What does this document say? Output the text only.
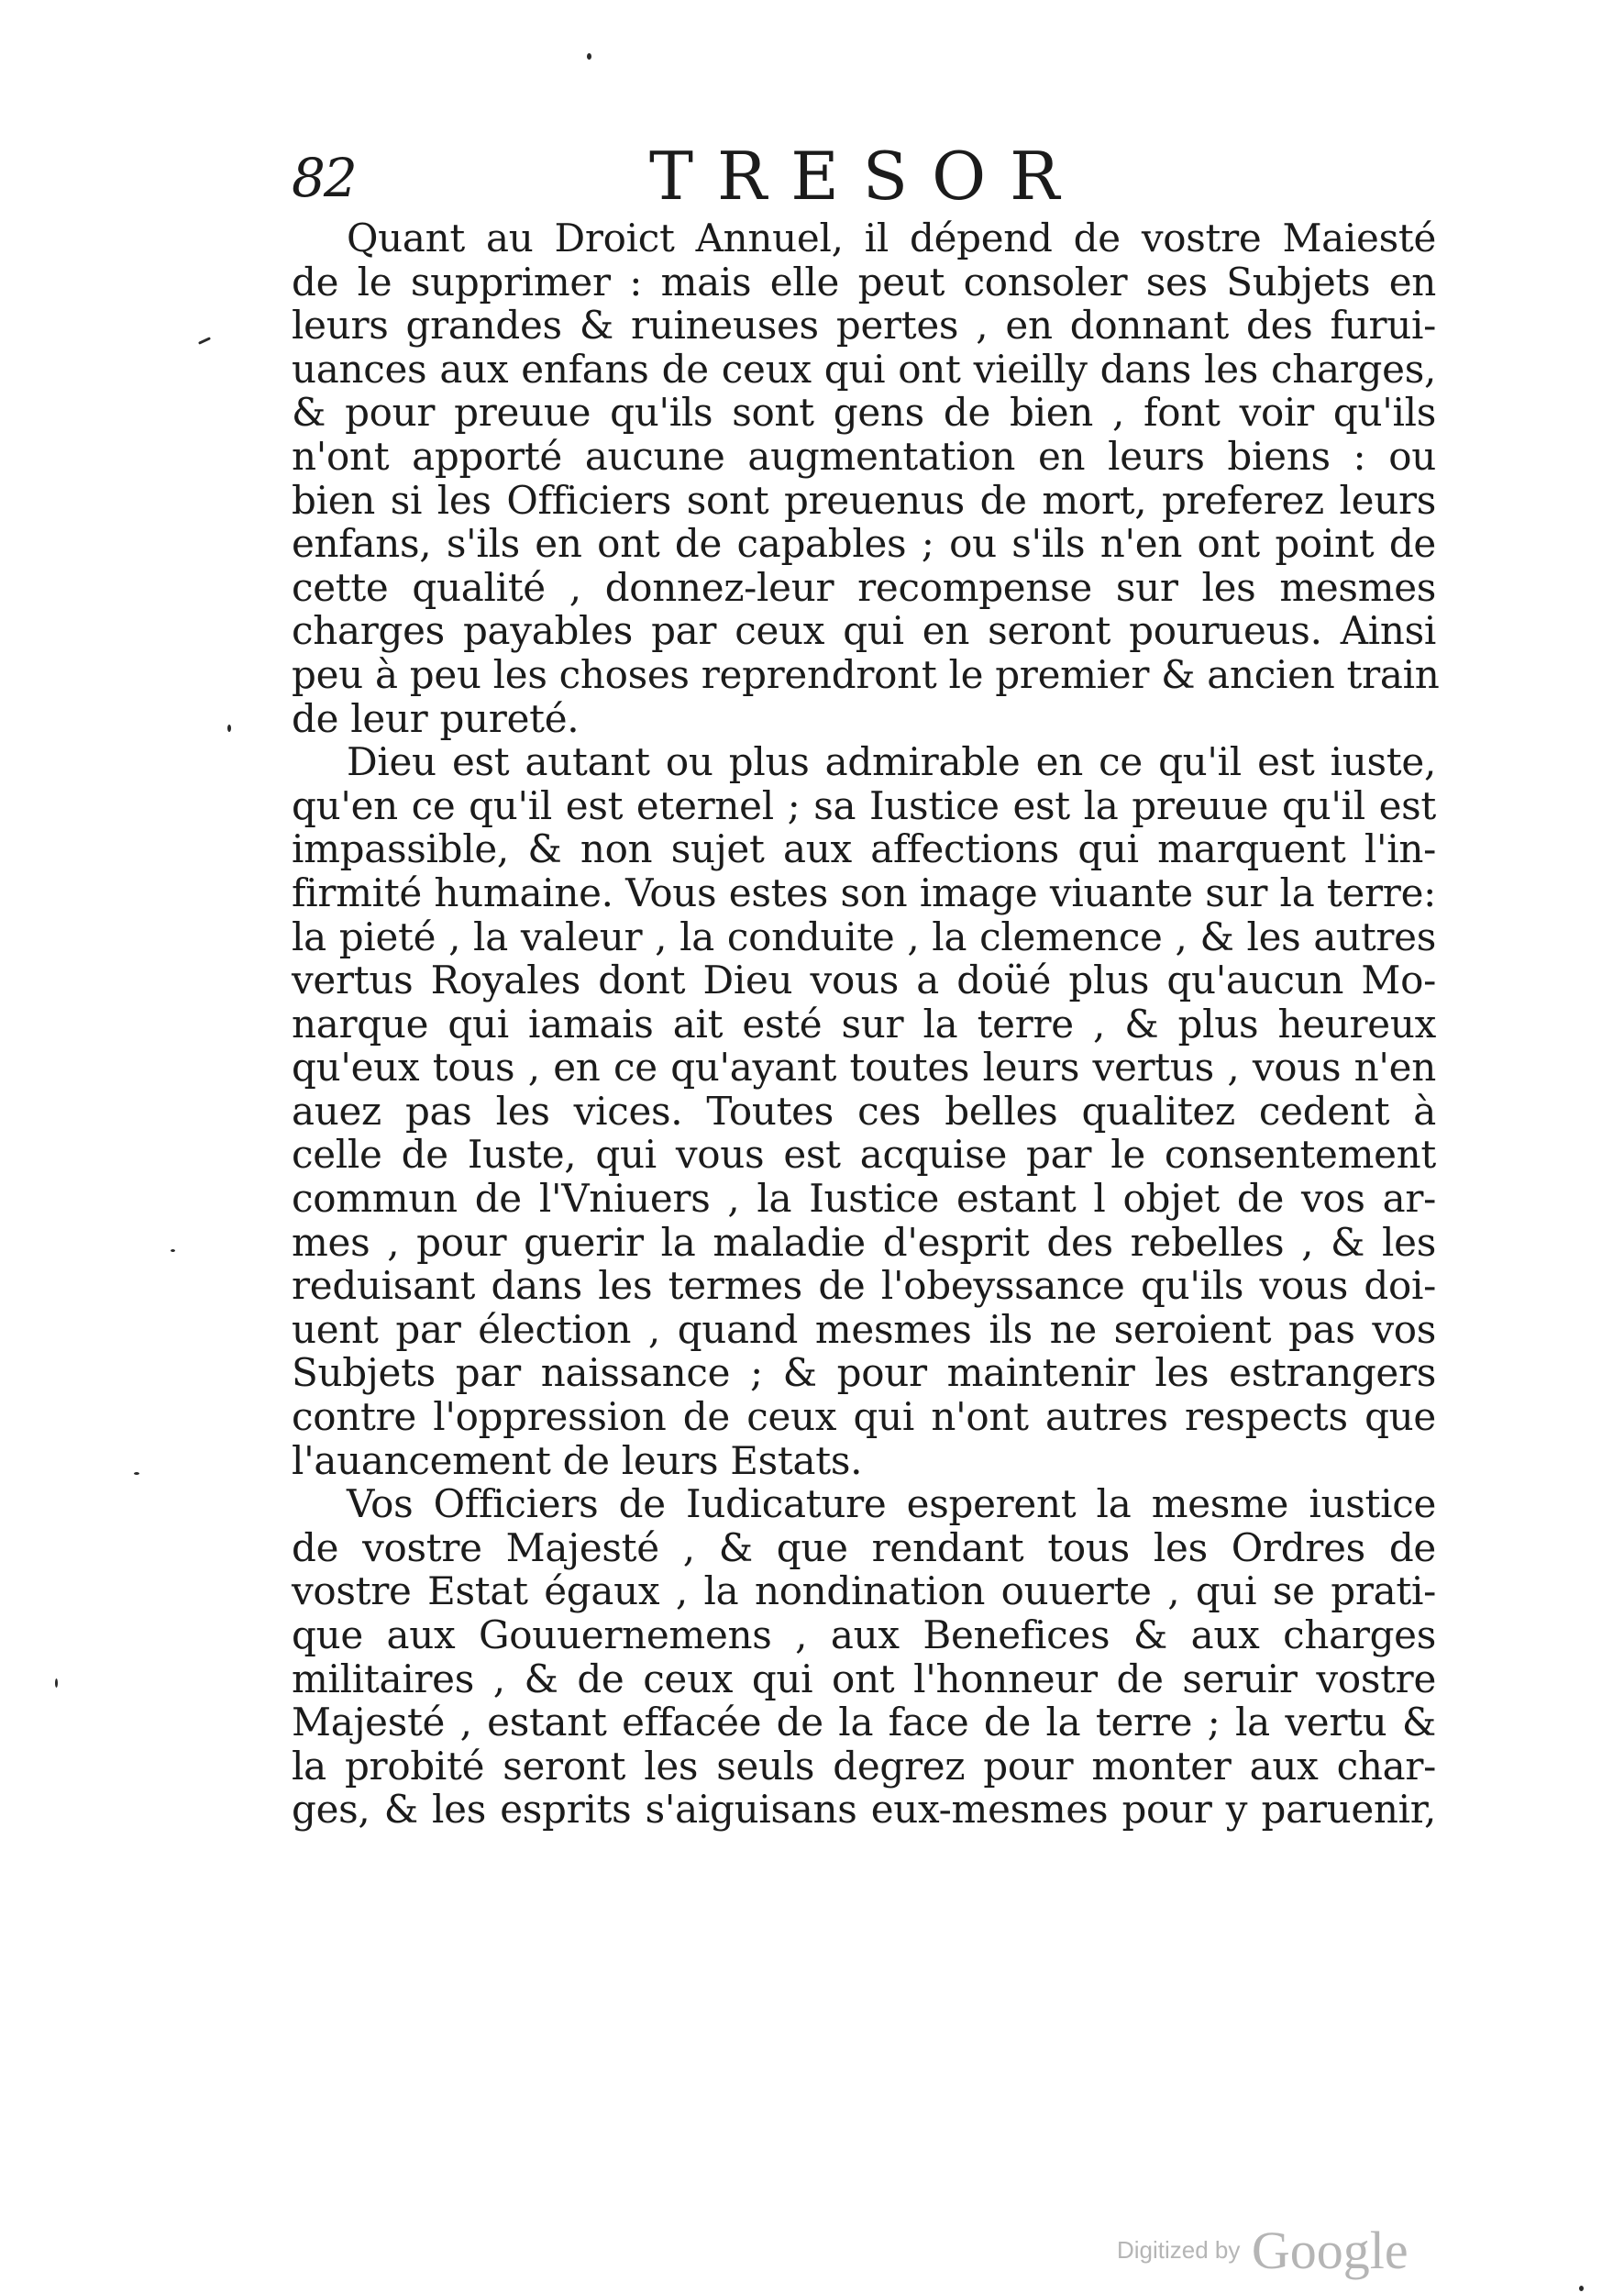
82	TRESOR
Quant au Droict Annuel, il dépend de vostre Maiesté
de le supprimer : mais elle peut consoler ses Subjets en
leurs grandes & ruineuses pertes , en donnant des furui-
uances aux enfans de ceux qui ont vieilly dans les charges,
& pour preuue qu'ils sont gens de bien , font voir qu'ils
n'ont apporté aucune augmentation en leurs biens : ou
bien si les Officiers sont preuenus de mort, preferez leurs
enfans, s'ils en ont de capables ; ou s'ils n'en ont point de
cette qualité , donnez-leur recompense sur les mesmes
charges payables par ceux qui en seront pourueus. Ainsi
peu à peu les choses reprendront le premier & ancien train
de leur pureté.
Dieu est autant ou plus admirable en ce qu'il est iuste,
qu'en ce qu'il est eternel ; sa Iustice est la preuue qu'il est
impassible, & non sujet aux affections qui marquent l'in-
firmité humaine. Vous estes son image viuante sur la terre:
la pieté , la valeur , la conduite , la clemence , & les autres
vertus Royales dont Dieu vous a doüé plus qu'aucun Mo-
narque qui iamais ait esté sur la terre , & plus heureux
qu'eux tous , en ce qu'ayant toutes leurs vertus , vous n'en
auez pas les vices. Toutes ces belles qualitez cedent à
celle de Iuste, qui vous est acquise par le consentement
commun de l'Vniuers , la Iustice estant l objet de vos ar-
mes , pour guerir la maladie d'esprit des rebelles , & les
reduisant dans les termes de l'obeyssance qu'ils vous doi-
uent par élection , quand mesmes ils ne seroient pas vos
Subjets par naissance ; & pour maintenir les estrangers
contre l'oppression de ceux qui n'ont autres respects que
l'auancement de leurs Estats.
Vos Officiers de Iudicature esperent la mesme iustice
de vostre Majesté , & que rendant tous les Ordres de
vostre Estat égaux , la nondination ouuerte , qui se prati-
que aux Gouuernemens , aux Benefices & aux charges
militaires , & de ceux qui ont l'honneur de seruir vostre
Majesté , estant effacée de la face de la terre ; la vertu &
la probité seront les seuls degrez pour monter aux char-
ges, & les esprits s'aiguisans eux-mesmes pour y paruenir,
Digitized by Google
